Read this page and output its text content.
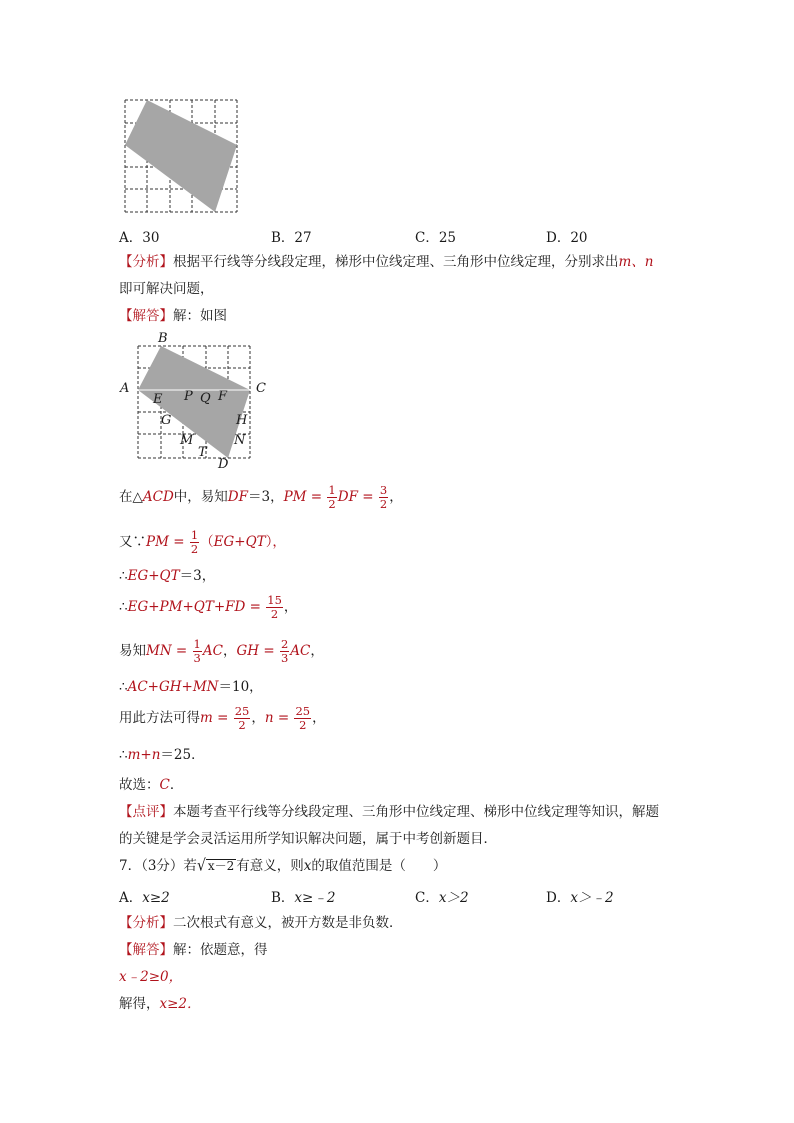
A．30	B．27	C．25	D．20
【分析】根据平行线等分线段定理，梯形中位线定理、三角形中位线定理，分别求出m、n
即可解决问题，
【解答】解：如图
A
B
C
D
E P Q F
G	H
M	N
T
在△ACD中，易知DF＝3，PM = $\frac{1}{2}$ DF = $\frac{3}{2}$ ，
又∵PM = $\frac{1}{2} (EG+QT)$，
∴EG+QT＝3，
∴EG+PM+QT+FD = $\frac{15}{2}$ ，
易知MN = $\frac{1}{3}$ AC，GH = $\frac{2}{3}$ AC，
∴AC+GH+MN＝10，
用此方法可得$m = \frac{25}{2}$ ，$n = \frac{25}{2}$ ，
∴m+n＝25．
故选：C．
【点评】本题考查平行线等分线段定理、三角形中位线定理、梯形中位线定理等知识，解题
的关键是学会灵活运用所学知识解决问题，属于中考创新题目．
7．（3分）若√ x－2 有意义，则x的取值范围是（　　）
A．x≥2	B．x≥﹣2	C．x＞2	D．x＞﹣2
【分析】二次根式有意义，被开方数是非负数．
【解答】解：依题意，得
x﹣2≥0，
解得，x≥2．
